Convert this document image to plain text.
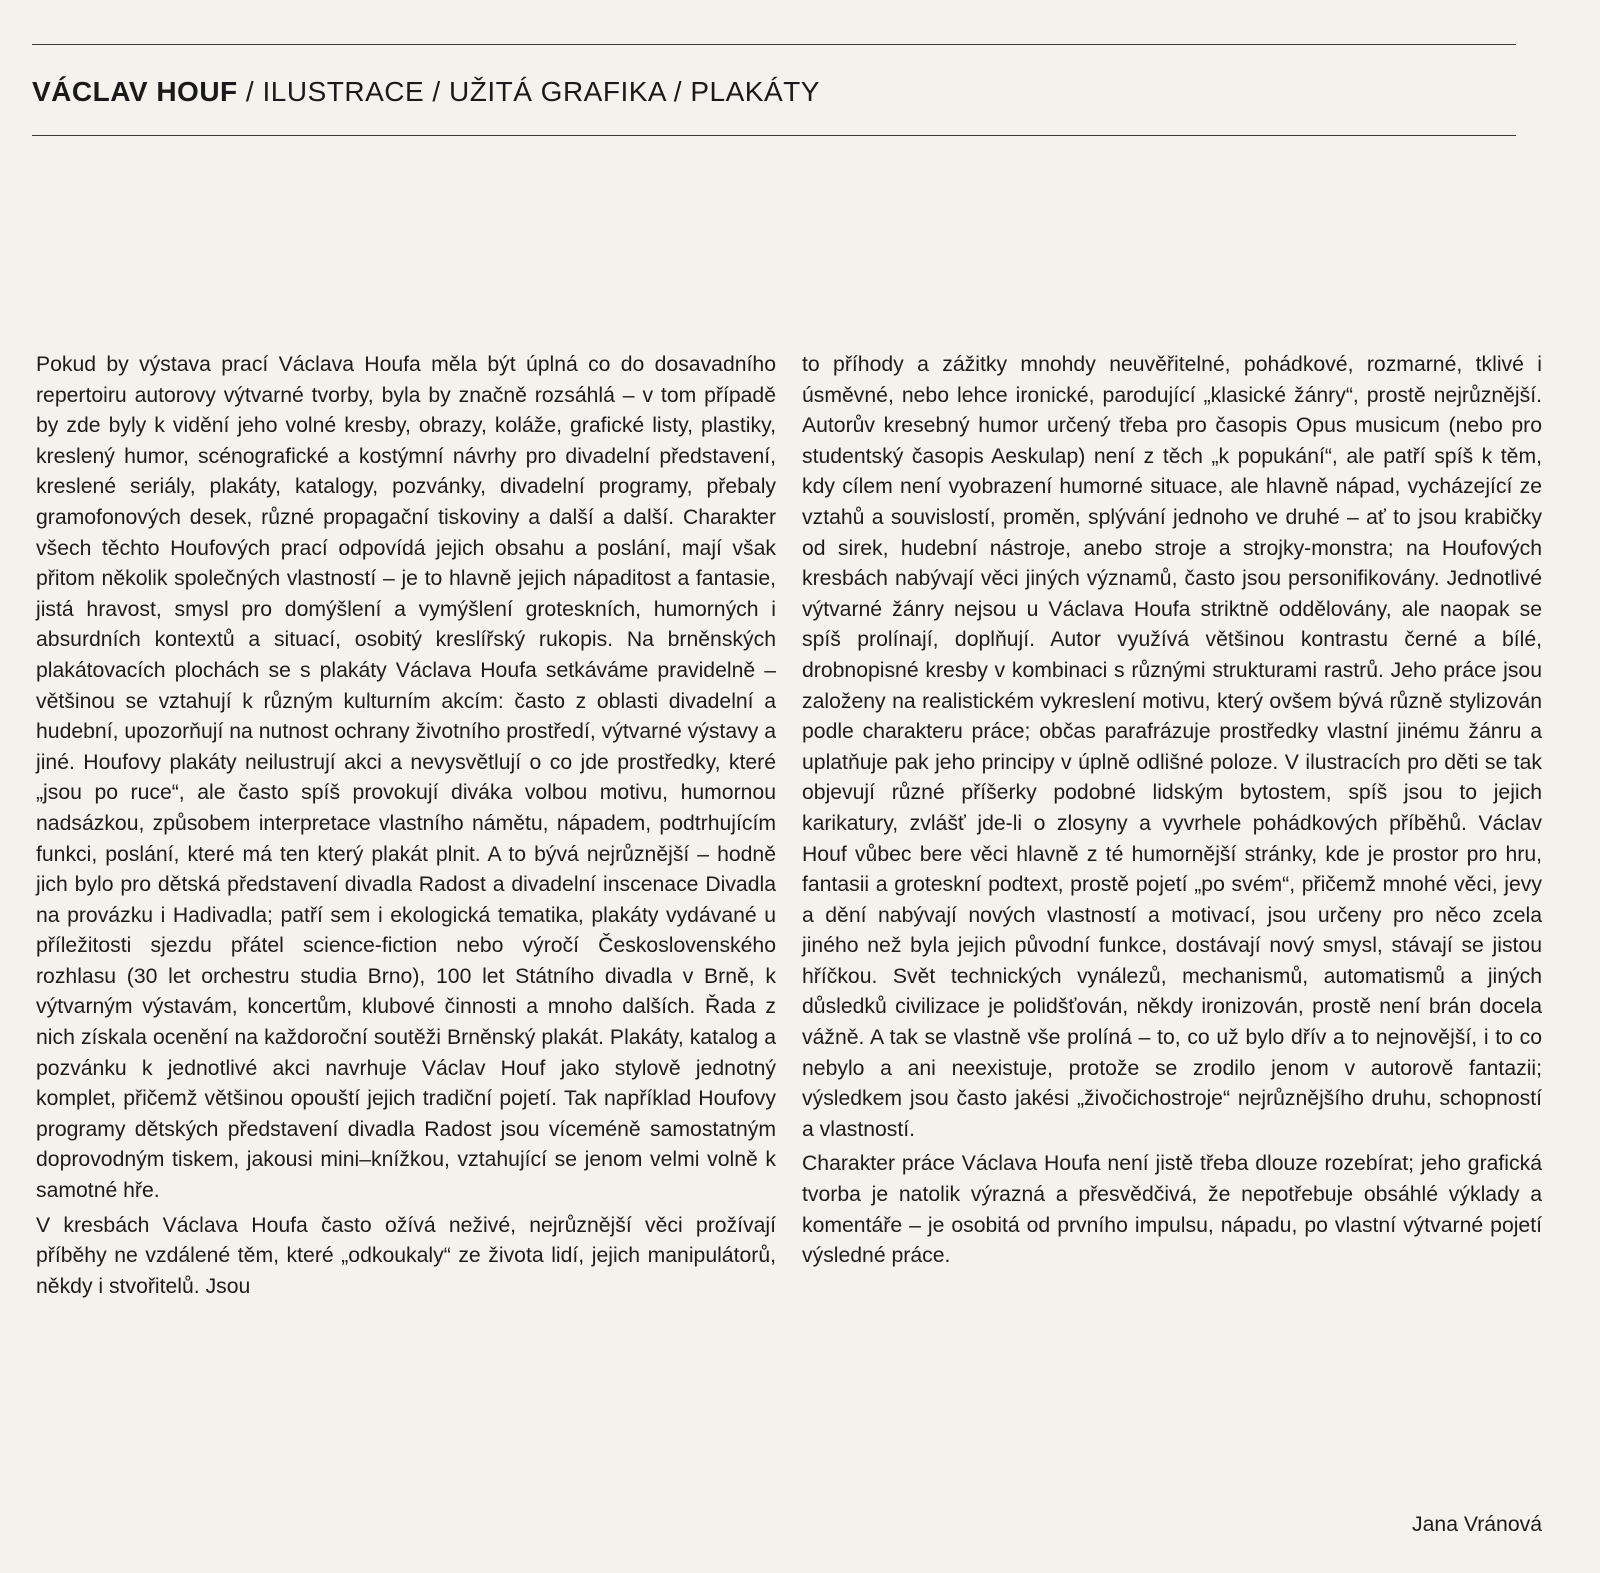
VÁCLAV HOUF / ILUSTRACE / UŽITÁ GRAFIKA / PLAKÁTY

Pokud by výstava prací Václava Houfa měla být úplná co do dosavadního repertoiru autorovy výtvarné tvorby, byla by značně rozsáhlá – v tom případě by zde byly k vidění jeho volné kresby, obrazy, koláže, grafické listy, plastiky, kreslený humor, scénografické a kostýmní návrhy pro divadelní představení, kreslené seriály, plakáty, katalogy, pozvánky, divadelní programy, přebaly gramofonových desek, různé propagační tiskoviny a další a další. Charakter všech těchto Houfových prací odpovídá jejich obsahu a poslání, mají však přitom několik společných vlastností – je to hlavně jejich nápaditost a fantasie, jistá hravost, smysl pro domýšlení a vymýšlení groteskních, humorných i absurdních kontextů a situací, osobitý kreslířský rukopis. Na brněnských plakátovacích plochách se s plakáty Václava Houfa setkáváme pravidelně – většinou se vztahují k různým kulturním akcím: často z oblasti divadelní a hudební, upozorňují na nutnost ochrany životního prostředí, výtvarné výstavy a jiné. Houfovy plakáty neilustrují akci a nevysvětlují o co jde prostředky, které „jsou po ruce“, ale často spíš provokují diváka volbou motivu, humornou nadsázkou, způsobem interpretace vlastního námětu, nápadem, podtrhujícím funkci, poslání, které má ten který plakát plnit. A to bývá nejrůznější – hodně jich bylo pro dětská představení divadla Radost a divadelní inscenace Divadla na provázku i Hadivadla; patří sem i ekologická tematika, plakáty vydávané u příležitosti sjezdu přátel science-fiction nebo výročí Československého rozhlasu (30 let orchestru studia Brno), 100 let Státního divadla v Brně, k výtvarným výstavám, koncertům, klubové činnosti a mnoho dalších. Řada z nich získala ocenění na každoroční soutěži Brněnský plakát. Plakáty, katalog a pozvánku k jednotlivé akci navrhuje Václav Houf jako stylově jednotný komplet, přičemž většinou opouští jejich tradiční pojetí. Tak například Houfovy programy dětských představení divadla Radost jsou víceméně samostatným doprovodným tiskem, jakousi mini–knížkou, vztahující se jenom velmi volně k samotné hře.

V kresbách Václava Houfa často ožívá neživé, nejrůznější věci prožívají příběhy ne vzdálené těm, které „odkoukaly“ ze života lidí, jejich manipulátorů, někdy i stvořitelů. Jsou

to příhody a zážitky mnohdy neuvěřitelné, pohádkové, rozmarné, tklivé i úsměvné, nebo lehce ironické, parodující „klasické žánry“, prostě nejrůznější. Autorův kresebný humor určený třeba pro časopis Opus musicum (nebo pro studentský časopis Aeskulap) není z těch „k popukání“, ale patří spíš k těm, kdy cílem není vyobrazení humorné situace, ale hlavně nápad, vycházející ze vztahů a souvislostí, proměn, splývání jednoho ve druhé – ať to jsou krabičky od sirek, hudební nástroje, anebo stroje a strojky-monstra; na Houfových kresbách nabývají věci jiných významů, často jsou personifikovány. Jednotlivé výtvarné žánry nejsou u Václava Houfa striktně oddělovány, ale naopak se spíš prolínají, doplňují. Autor využívá většinou kontrastu černé a bílé, drobnopisné kresby v kombinaci s různými strukturami rastrů. Jeho práce jsou založeny na realistickém vykreslení motivu, který ovšem bývá různě stylizován podle charakteru práce; občas parafrázuje prostředky vlastní jinému žánru a uplatňuje pak jeho principy v úplně odlišné poloze. V ilustracích pro děti se tak objevují různé příšerky podobné lidským bytostem, spíš jsou to jejich karikatury, zvlášť jde-li o zlosyny a vyvrhele pohádkových příběhů. Václav Houf vůbec bere věci hlavně z té humornější stránky, kde je prostor pro hru, fantasii a groteskní podtext, prostě pojetí „po svém“, přičemž mnohé věci, jevy a dění nabývají nových vlastností a motivací, jsou určeny pro něco zcela jiného než byla jejich původní funkce, dostávají nový smysl, stávají se jistou hříčkou. Svět technických vynálezů, mechanismů, automatismů a jiných důsledků civilizace je polidšťován, někdy ironizován, prostě není brán docela vážně. A tak se vlastně vše prolíná – to, co už bylo dřív a to nejnovější, i to co nebylo a ani neexistuje, protože se zrodilo jenom v autorově fantazii; výsledkem jsou často jakési „živočichostroje“ nejrůznějšího druhu, schopností a vlastností.

Charakter práce Václava Houfa není jistě třeba dlouze rozebírat; jeho grafická tvorba je natolik výrazná a přesvědčivá, že nepotřebuje obsáhlé výklady a komentáře – je osobitá od prvního impulsu, nápadu, po vlastní výtvarné pojetí výsledné práce.

Jana Vránová
